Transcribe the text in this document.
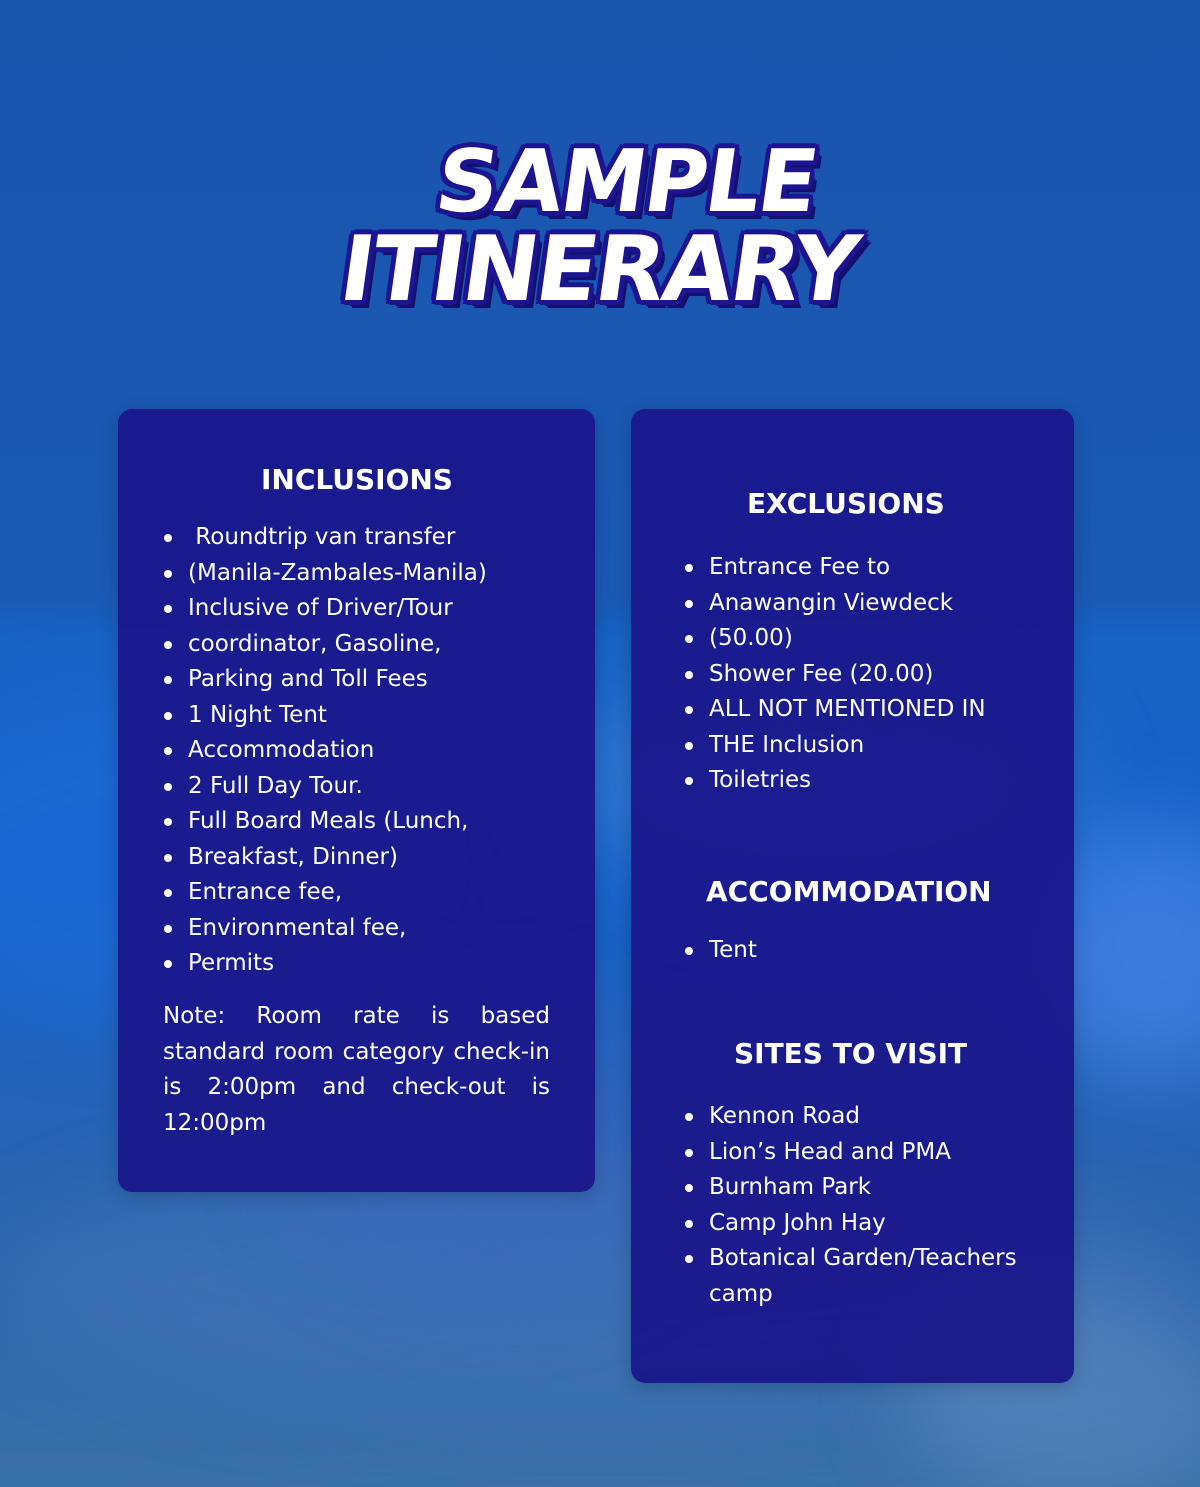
SAMPLE
ITINERARY
INCLUSIONS
Roundtrip van transfer
(Manila-Zambales-Manila)
Inclusive of Driver/Tour
coordinator, Gasoline,
Parking and Toll Fees
1 Night Tent
Accommodation
2 Full Day Tour.
Full Board Meals (Lunch,
Breakfast, Dinner)
Entrance fee,
Environmental fee,
Permits

Note: Room rate is based standard room category check-in is 2:00pm and check-out is 12:00pm

EXCLUSIONS
Entrance Fee to
Anawangin Viewdeck
(50.00)
Shower Fee (20.00)
ALL NOT MENTIONED IN
THE Inclusion
Toiletries
ACCOMMODATION
Tent
SITES TO VISIT
Kennon Road
Lion’s Head and PMA
Burnham Park
Camp John Hay
Botanical Garden/Teachers camp
